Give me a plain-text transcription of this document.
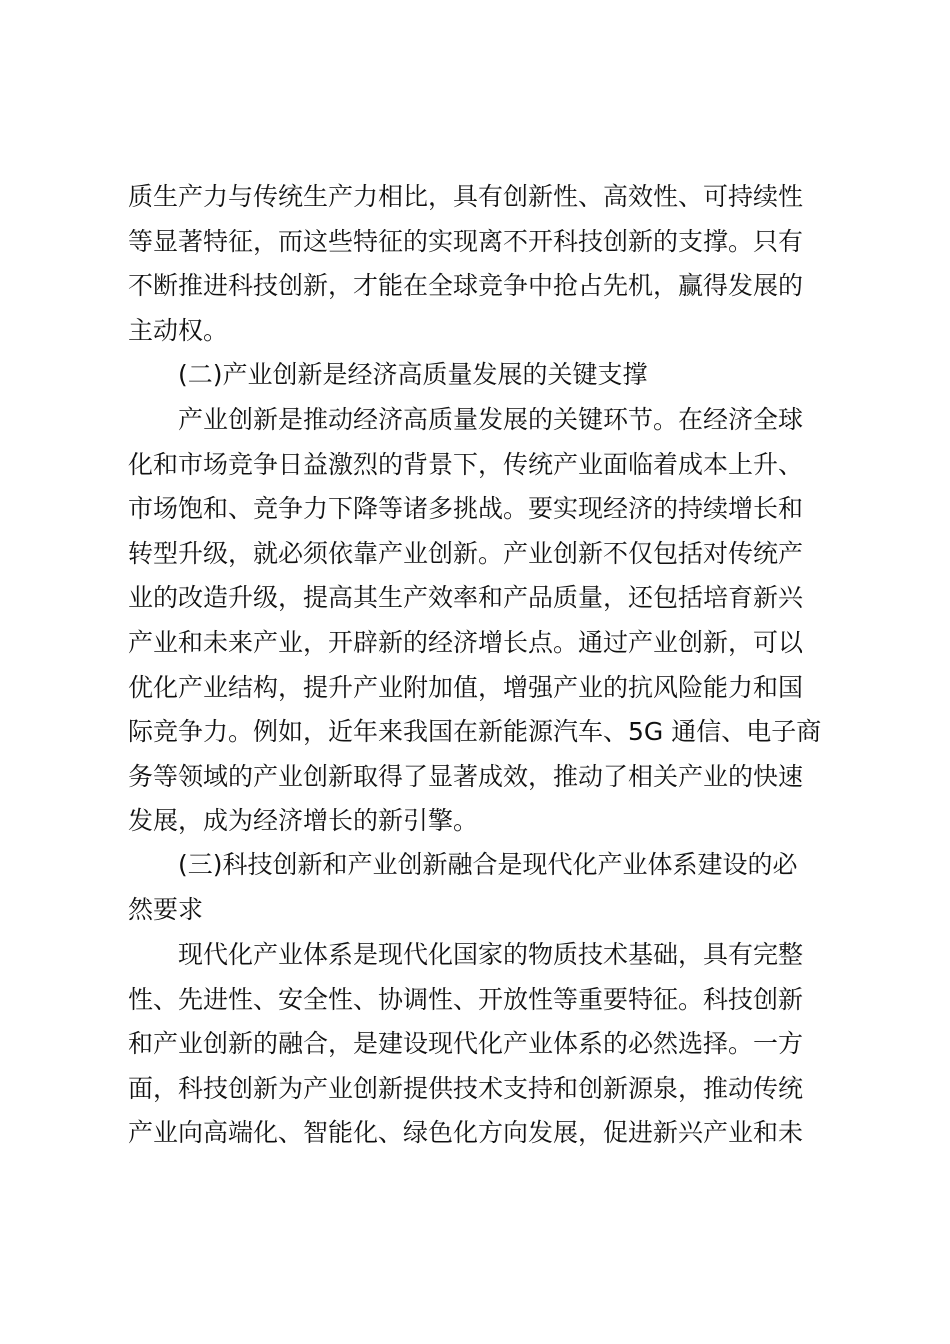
质生产力与传统生产力相比，具有创新性、高效性、可持续性
等显著特征，而这些特征的实现离不开科技创新的支撑。只有
不断推进科技创新，才能在全球竞争中抢占先机，赢得发展的
主动权。
(二)产业创新是经济高质量发展的关键支撑
产业创新是推动经济高质量发展的关键环节。在经济全球
化和市场竞争日益激烈的背景下，传统产业面临着成本上升、
市场饱和、竞争力下降等诸多挑战。要实现经济的持续增长和
转型升级，就必须依靠产业创新。产业创新不仅包括对传统产
业的改造升级，提高其生产效率和产品质量，还包括培育新兴
产业和未来产业，开辟新的经济增长点。通过产业创新，可以
优化产业结构，提升产业附加值，增强产业的抗风险能力和国
际竞争力。例如，近年来我国在新能源汽车、5G 通信、电子商
务等领域的产业创新取得了显著成效，推动了相关产业的快速
发展，成为经济增长的新引擎。
(三)科技创新和产业创新融合是现代化产业体系建设的必
然要求
现代化产业体系是现代化国家的物质技术基础，具有完整
性、先进性、安全性、协调性、开放性等重要特征。科技创新
和产业创新的融合，是建设现代化产业体系的必然选择。一方
面，科技创新为产业创新提供技术支持和创新源泉，推动传统
产业向高端化、智能化、绿色化方向发展，促进新兴产业和未
